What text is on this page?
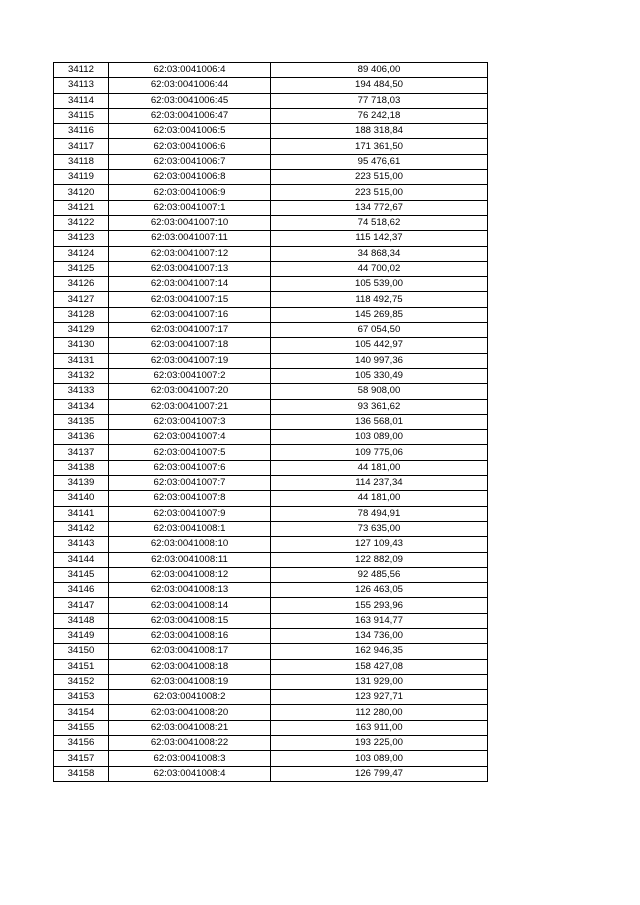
34112	62:03:0041006:4	89 406,00
34113	62:03:0041006:44	194 484,50
34114	62:03:0041006:45	77 718,03
34115	62:03:0041006:47	76 242,18
34116	62:03:0041006:5	188 318,84
34117	62:03:0041006:6	171 361,50
34118	62:03:0041006:7	95 476,61
34119	62:03:0041006:8	223 515,00
34120	62:03:0041006:9	223 515,00
34121	62:03:0041007:1	134 772,67
34122	62:03:0041007:10	74 518,62
34123	62:03:0041007:11	115 142,37
34124	62:03:0041007:12	34 868,34
34125	62:03:0041007:13	44 700,02
34126	62:03:0041007:14	105 539,00
34127	62:03:0041007:15	118 492,75
34128	62:03:0041007:16	145 269,85
34129	62:03:0041007:17	67 054,50
34130	62:03:0041007:18	105 442,97
34131	62:03:0041007:19	140 997,36
34132	62:03:0041007:2	105 330,49
34133	62:03:0041007:20	58 908,00
34134	62:03:0041007:21	93 361,62
34135	62:03:0041007:3	136 568,01
34136	62:03:0041007:4	103 089,00
34137	62:03:0041007:5	109 775,06
34138	62:03:0041007:6	44 181,00
34139	62:03:0041007:7	114 237,34
34140	62:03:0041007:8	44 181,00
34141	62:03:0041007:9	78 494,91
34142	62:03:0041008:1	73 635,00
34143	62:03:0041008:10	127 109,43
34144	62:03:0041008:11	122 882,09
34145	62:03:0041008:12	92 485,56
34146	62:03:0041008:13	126 463,05
34147	62:03:0041008:14	155 293,96
34148	62:03:0041008:15	163 914,77
34149	62:03:0041008:16	134 736,00
34150	62:03:0041008:17	162 946,35
34151	62:03:0041008:18	158 427,08
34152	62:03:0041008:19	131 929,00
34153	62:03:0041008:2	123 927,71
34154	62:03:0041008:20	112 280,00
34155	62:03:0041008:21	163 911,00
34156	62:03:0041008:22	193 225,00
34157	62:03:0041008:3	103 089,00
34158	62:03:0041008:4	126 799,47
